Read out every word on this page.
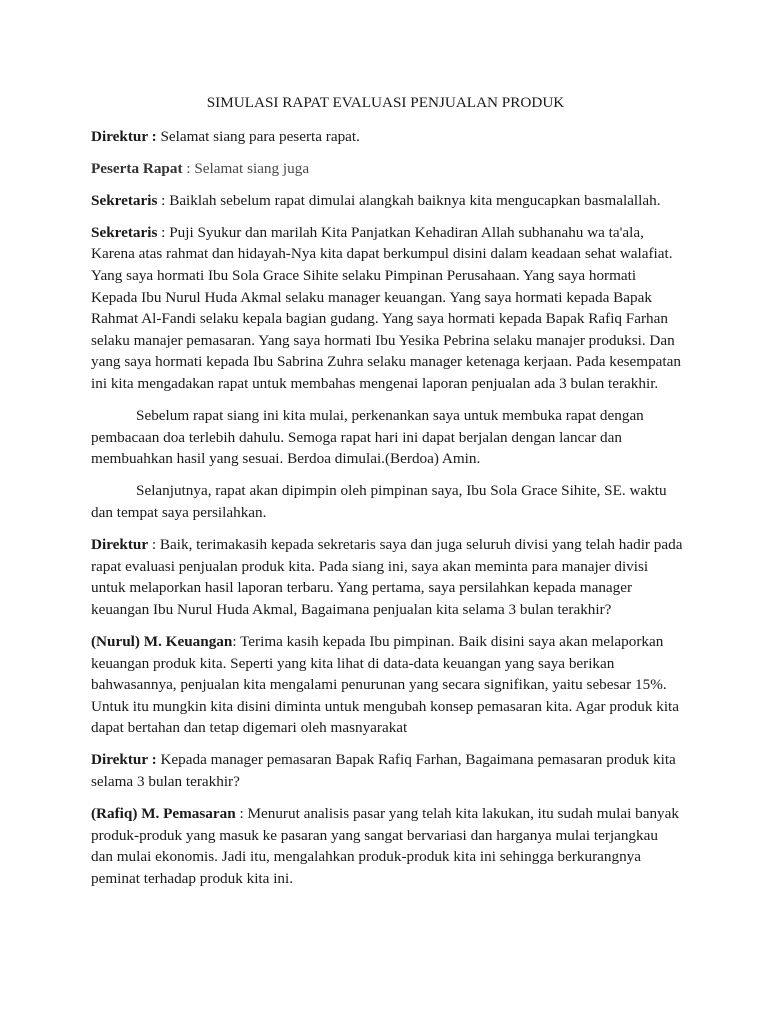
SIMULASI RAPAT EVALUASI PENJUALAN PRODUK

Direktur : Selamat siang para peserta rapat.

Peserta Rapat : Selamat siang juga

Sekretaris : Baiklah sebelum rapat dimulai alangkah baiknya kita mengucapkan basmalallah.

Sekretaris : Puji Syukur dan marilah Kita Panjatkan Kehadiran Allah subhanahu wa ta'ala,
Karena atas rahmat dan hidayah-Nya kita dapat berkumpul disini dalam keadaan sehat walafiat.
Yang saya hormati Ibu Sola Grace Sihite selaku Pimpinan Perusahaan. Yang saya hormati
Kepada Ibu Nurul Huda Akmal selaku manager keuangan. Yang saya hormati kepada Bapak
Rahmat Al-Fandi selaku kepala bagian gudang. Yang saya hormati kepada Bapak Rafiq Farhan
selaku manajer pemasaran. Yang saya hormati Ibu Yesika Pebrina selaku manajer produksi. Dan
yang saya hormati kepada Ibu Sabrina Zuhra selaku manager ketenaga kerjaan. Pada kesempatan
ini kita mengadakan rapat untuk membahas mengenai laporan penjualan ada 3 bulan terakhir.

Sebelum rapat siang ini kita mulai, perkenankan saya untuk membuka rapat dengan
pembacaan doa terlebih dahulu. Semoga rapat hari ini dapat berjalan dengan lancar dan
membuahkan hasil yang sesuai. Berdoa dimulai.(Berdoa) Amin.

Selanjutnya, rapat akan dipimpin oleh pimpinan saya, Ibu Sola Grace Sihite, SE. waktu
dan tempat saya persilahkan.

Direktur : Baik, terimakasih kepada sekretaris saya dan juga seluruh divisi yang telah hadir pada
rapat evaluasi penjualan produk kita. Pada siang ini, saya akan meminta para manajer divisi
untuk melaporkan hasil laporan terbaru. Yang pertama, saya persilahkan kepada manager
keuangan Ibu Nurul Huda Akmal, Bagaimana penjualan kita selama 3 bulan terakhir?

(Nurul) M. Keuangan: Terima kasih kepada Ibu pimpinan. Baik disini saya akan melaporkan
keuangan produk kita. Seperti yang kita lihat di data-data keuangan yang saya berikan
bahwasannya, penjualan kita mengalami penurunan yang secara signifikan, yaitu sebesar 15%.
Untuk itu mungkin kita disini diminta untuk mengubah konsep pemasaran kita. Agar produk kita
dapat bertahan dan tetap digemari oleh masnyarakat

Direktur : Kepada manager pemasaran Bapak Rafiq Farhan, Bagaimana pemasaran produk kita
selama 3 bulan terakhir?

(Rafiq) M. Pemasaran : Menurut analisis pasar yang telah kita lakukan, itu sudah mulai banyak
produk-produk yang masuk ke pasaran yang sangat bervariasi dan harganya mulai terjangkau
dan mulai ekonomis. Jadi itu, mengalahkan produk-produk kita ini sehingga berkurangnya
peminat terhadap produk kita ini.
